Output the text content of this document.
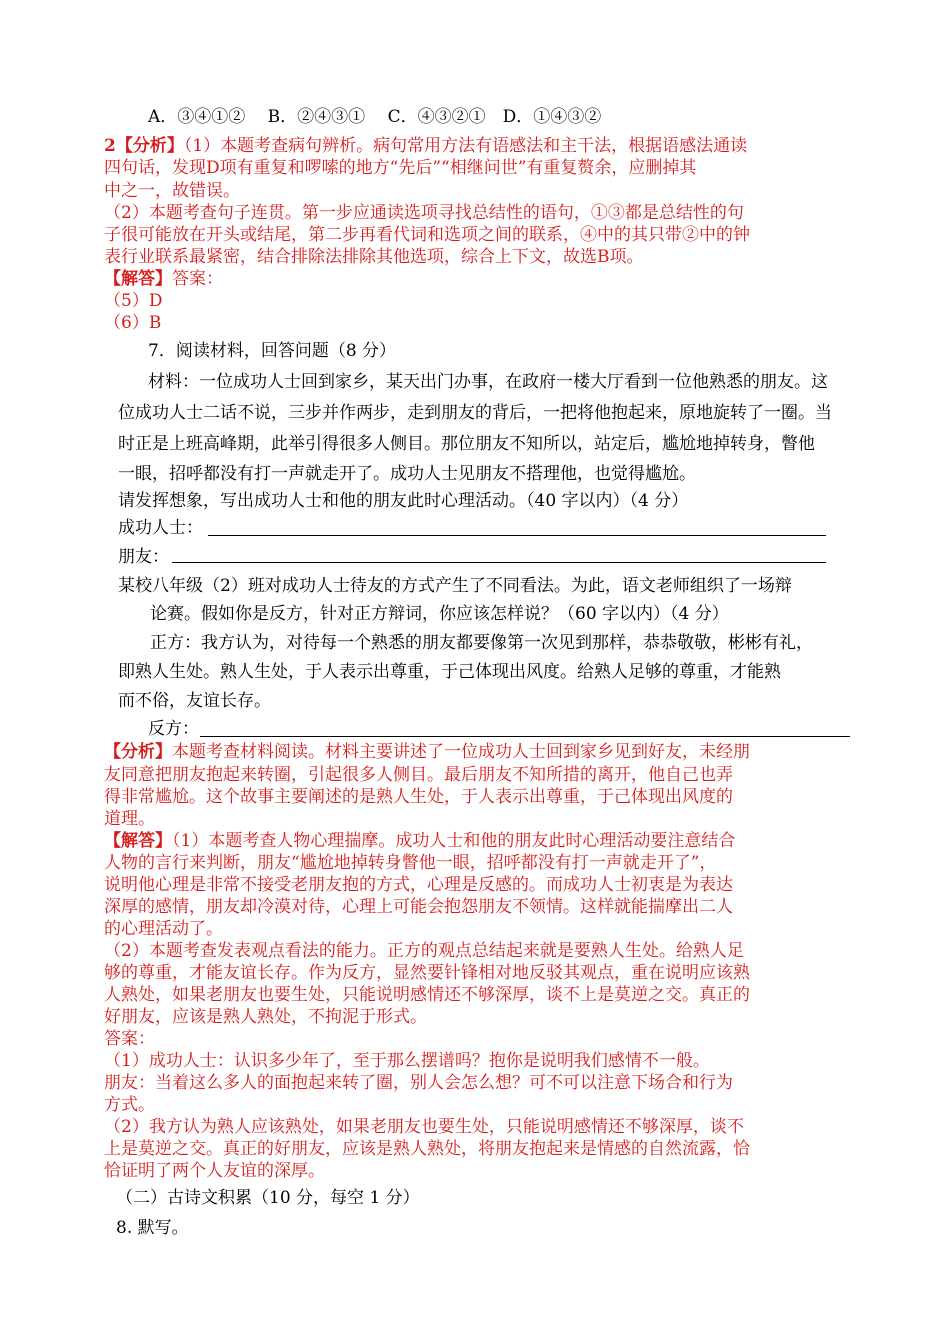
A．③④①②　 B．②④③①　 C．④③②①　D．①④③②
2【分析】（1）本题考查病句辨析。病句常用方法有语感法和主干法，根据语感法通读
四句话，发现D项有重复和啰嗦的地方“先后”“相继问世”有重复赘余，应删掉其
中之一，故错误。
（2）本题考查句子连贯。第一步应通读选项寻找总结性的语句，①③都是总结性的句
子很可能放在开头或结尾，第二步再看代词和选项之间的联系，④中的其只带②中的钟
表行业联系最紧密，结合排除法排除其他选项，综合上下文，故选B项。
【解答】答案：
（5）D
（6）B
7．阅读材料，回答问题（8 分）
材料：一位成功人士回到家乡，某天出门办事，在政府一楼大厅看到一位他熟悉的朋友。这
位成功人士二话不说，三步并作两步，走到朋友的背后，一把将他抱起来，原地旋转了一圈。当
时正是上班高峰期，此举引得很多人侧目。那位朋友不知所以，站定后，尴尬地掉转身，瞥他
一眼，招呼都没有打一声就走开了。成功人士见朋友不搭理他，也觉得尴尬。
请发挥想象，写出成功人士和他的朋友此时心理活动。（40 字以内）（4 分）
成功人士：
朋友：
某校八年级（2）班对成功人士待友的方式产生了不同看法。为此，语文老师组织了一场辩
论赛。假如你是反方，针对正方辩词，你应该怎样说？（60 字以内）（4 分）
正方：我方认为，对待每一个熟悉的朋友都要像第一次见到那样，恭恭敬敬，彬彬有礼，
即熟人生处。熟人生处，于人表示出尊重，于己体现出风度。给熟人足够的尊重，才能熟
而不俗，友谊长存。
反方：
【分析】本题考查材料阅读。材料主要讲述了一位成功人士回到家乡见到好友，未经朋
友同意把朋友抱起来转圈，引起很多人侧目。最后朋友不知所措的离开，他自己也弄
得非常尴尬。这个故事主要阐述的是熟人生处，于人表示出尊重，于己体现出风度的
道理。
【解答】（1）本题考查人物心理揣摩。成功人士和他的朋友此时心理活动要注意结合
人物的言行来判断，朋友“尴尬地掉转身瞥他一眼，招呼都没有打一声就走开了”，
说明他心理是非常不接受老朋友抱的方式，心理是反感的。而成功人士初衷是为表达
深厚的感情，朋友却冷漠对待，心理上可能会抱怨朋友不领情。这样就能揣摩出二人
的心理活动了。
（2）本题考查发表观点看法的能力。正方的观点总结起来就是要熟人生处。给熟人足
够的尊重，才能友谊长存。作为反方，显然要针锋相对地反驳其观点，重在说明应该熟
人熟处，如果老朋友也要生处，只能说明感情还不够深厚，谈不上是莫逆之交。真正的
好朋友，应该是熟人熟处，不拘泥于形式。
答案：
（1）成功人士：认识多少年了，至于那么摆谱吗？抱你是说明我们感情不一般。
朋友：当着这么多人的面抱起来转了圈，别人会怎么想？可不可以注意下场合和行为
方式。
（2）我方认为熟人应该熟处，如果老朋友也要生处，只能说明感情还不够深厚，谈不
上是莫逆之交。真正的好朋友，应该是熟人熟处，将朋友抱起来是情感的自然流露，恰
恰证明了两个人友谊的深厚。
（二）古诗文积累（10 分，每空 1 分）
8. 默写。
